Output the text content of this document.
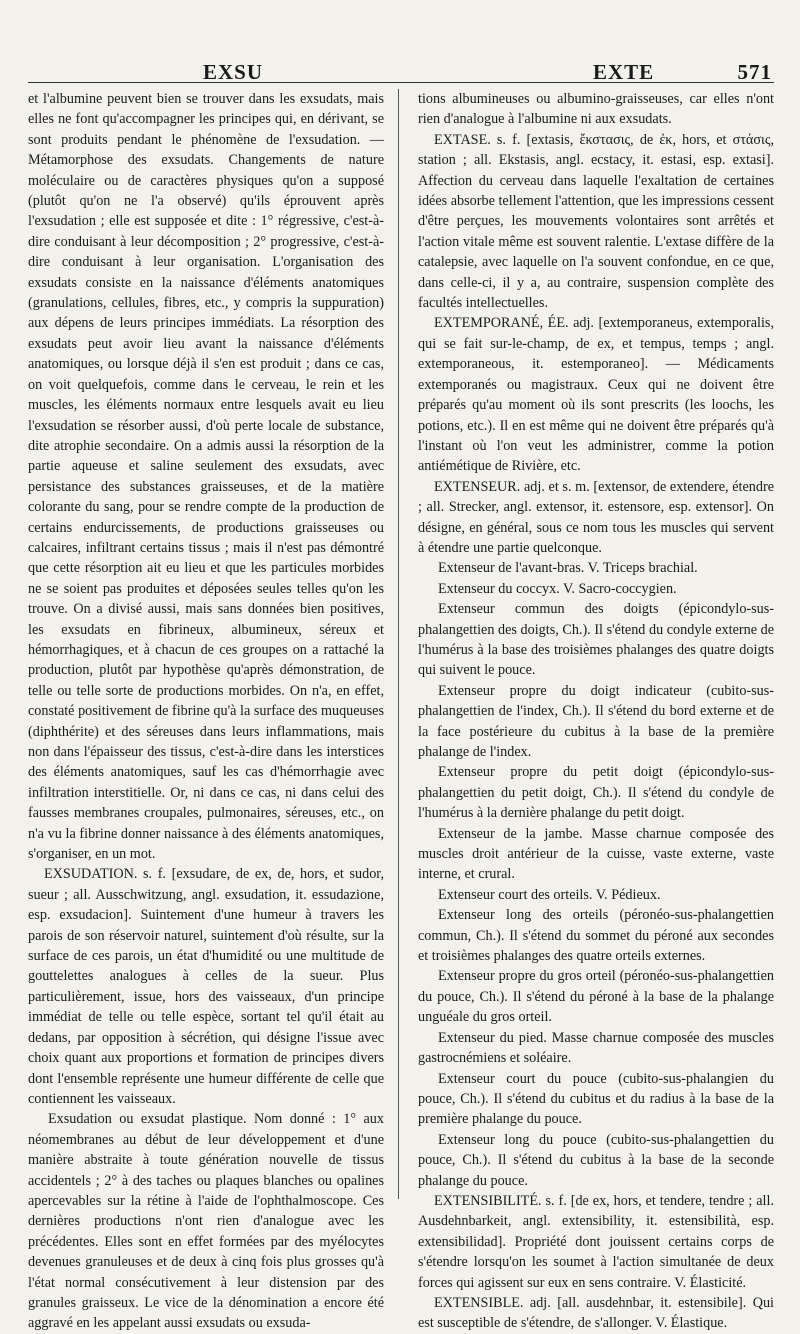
EXSU	EXTE	571

et l'albumine peuvent bien se trouver dans les exsudats, mais elles ne font qu'accompagner les principes qui, en dérivant, se sont produits pendant le phénomène de l'exsudation. — Métamorphose des exsudats. Changements de nature moléculaire ou de caractères physiques qu'on a supposé (plutôt qu'on ne l'a observé) qu'ils éprouvent après l'exsudation ; elle est supposée et dite : 1° régressive, c'est-à-dire conduisant à leur décomposition ; 2° progressive, c'est-à-dire conduisant à leur organisation. L'organisation des exsudats consiste en la naissance d'éléments anatomiques (granulations, cellules, fibres, etc., y compris la suppuration) aux dépens de leurs principes immédiats. La résorption des exsudats peut avoir lieu avant la naissance d'éléments anatomiques, ou lorsque déjà il s'en est produit ; dans ce cas, on voit quelquefois, comme dans le cerveau, le rein et les muscles, les éléments normaux entre lesquels avait eu lieu l'exsudation se résorber aussi, d'où perte locale de substance, dite atrophie secondaire. On a admis aussi la résorption de la partie aqueuse et saline seulement des exsudats, avec persistance des substances graisseuses, et de la matière colorante du sang, pour se rendre compte de la production de certains endurcissements, de productions graisseuses ou calcaires, infiltrant certains tissus ; mais il n'est pas démontré que cette résorption ait eu lieu et que les particules morbides ne se soient pas produites et déposées seules telles qu'on les trouve. On a divisé aussi, mais sans données bien positives, les exsudats en fibrineux, albumineux, séreux et hémorrhagiques, et à chacun de ces groupes on a rattaché la production, plutôt par hypothèse qu'après démonstration, de telle ou telle sorte de productions morbides. On n'a, en effet, constaté positivement de fibrine qu'à la surface des muqueuses (diphthérite) et des séreuses dans leurs inflammations, mais non dans l'épaisseur des tissus, c'est-à-dire dans les interstices des éléments anatomiques, sauf les cas d'hémorrhagie avec infiltration interstitielle. Or, ni dans ce cas, ni dans celui des fausses membranes croupales, pulmonaires, séreuses, etc., on n'a vu la fibrine donner naissance à des éléments anatomiques, s'organiser, en un mot.

EXSUDATION. s. f. [exsudare, de ex, de, hors, et sudor, sueur ; all. Ausschwitzung, angl. exsudation, it. essudazione, esp. exsudacion]. Suintement d'une humeur à travers les parois de son réservoir naturel, suintement d'où résulte, sur la surface de ces parois, un état d'humidité ou une multitude de gouttelettes analogues à celles de la sueur. Plus particulièrement, issue, hors des vaisseaux, d'un principe immédiat de telle ou telle espèce, sortant tel qu'il était au dedans, par opposition à sécrétion, qui désigne l'issue avec choix quant aux proportions et formation de principes divers dont l'ensemble représente une humeur différente de celle que contiennent les vaisseaux.

Exsudation ou exsudat plastique. Nom donné : 1° aux néomembranes au début de leur développement et d'une manière abstraite à toute génération nouvelle de tissus accidentels ; 2° à des taches ou plaques blanches ou opalines apercevables sur la rétine à l'aide de l'ophthalmoscope. Ces dernières productions n'ont rien d'analogue avec les précédentes. Elles sont en effet formées par des myélocytes devenues granuleuses et de deux à cinq fois plus grosses qu'à l'état normal consécutivement à leur distension par des granules graisseux. Le vice de la dénomination a encore été aggravé en les appelant aussi exsudats ou exsuda-

tions albumineuses ou albumino-graisseuses, car elles n'ont rien d'analogue à l'albumine ni aux exsudats.

EXTASE. s. f. [extasis, ἔκστασις, de ἐκ, hors, et στάσις, station ; all. Ekstasis, angl. ecstacy, it. estasi, esp. extasi]. Affection du cerveau dans laquelle l'exaltation de certaines idées absorbe tellement l'attention, que les impressions cessent d'être perçues, les mouvements volontaires sont arrêtés et l'action vitale même est souvent ralentie. L'extase diffère de la catalepsie, avec laquelle on l'a souvent confondue, en ce que, dans celle-ci, il y a, au contraire, suspension complète des facultés intellectuelles.

EXTEMPORANÉ, ÉE. adj. [extemporaneus, extemporalis, qui se fait sur-le-champ, de ex, et tempus, temps ; angl. extemporaneous, it. estemporaneo]. — Médicaments extemporanés ou magistraux. Ceux qui ne doivent être préparés qu'au moment où ils sont prescrits (les loochs, les potions, etc.). Il en est même qui ne doivent être préparés qu'à l'instant où l'on veut les administrer, comme la potion antiémétique de Rivière, etc.

EXTENSEUR. adj. et s. m. [extensor, de extendere, étendre ; all. Strecker, angl. extensor, it. estensore, esp. extensor]. On désigne, en général, sous ce nom tous les muscles qui servent à étendre une partie quelconque.

Extenseur de l'avant-bras. V. Triceps brachial.

Extenseur du coccyx. V. Sacro-coccygien.

Extenseur commun des doigts (épicondylo-sus-phalangettien des doigts, Ch.). Il s'étend du condyle externe de l'humérus à la base des troisièmes phalanges des quatre doigts qui suivent le pouce.

Extenseur propre du doigt indicateur (cubito-sus-phalangettien de l'index, Ch.). Il s'étend du bord externe et de la face postérieure du cubitus à la base de la première phalange de l'index.

Extenseur propre du petit doigt (épicondylo-sus-phalangettien du petit doigt, Ch.). Il s'étend du condyle de l'humérus à la dernière phalange du petit doigt.

Extenseur de la jambe. Masse charnue composée des muscles droit antérieur de la cuisse, vaste externe, vaste interne, et crural.

Extenseur court des orteils. V. Pédieux.

Extenseur long des orteils (péronéo-sus-phalangettien commun, Ch.). Il s'étend du sommet du péroné aux secondes et troisièmes phalanges des quatre orteils externes.

Extenseur propre du gros orteil (péronéo-sus-phalangettien du pouce, Ch.). Il s'étend du péroné à la base de la phalange unguéale du gros orteil.

Extenseur du pied. Masse charnue composée des muscles gastrocnémiens et soléaire.

Extenseur court du pouce (cubito-sus-phalangien du pouce, Ch.). Il s'étend du cubitus et du radius à la base de la première phalange du pouce.

Extenseur long du pouce (cubito-sus-phalangettien du pouce, Ch.). Il s'étend du cubitus à la base de la seconde phalange du pouce.

EXTENSIBILITÉ. s. f. [de ex, hors, et tendere, tendre ; all. Ausdehnbarkeit, angl. extensibility, it. estensibilità, esp. extensibilidad]. Propriété dont jouissent certains corps de s'étendre lorsqu'on les soumet à l'action simultanée de deux forces qui agissent sur eux en sens contraire. V. Élasticité.

EXTENSIBLE. adj. [all. ausdehnbar, it. estensibile]. Qui est susceptible de s'étendre, de s'allonger. V. Élastique.
